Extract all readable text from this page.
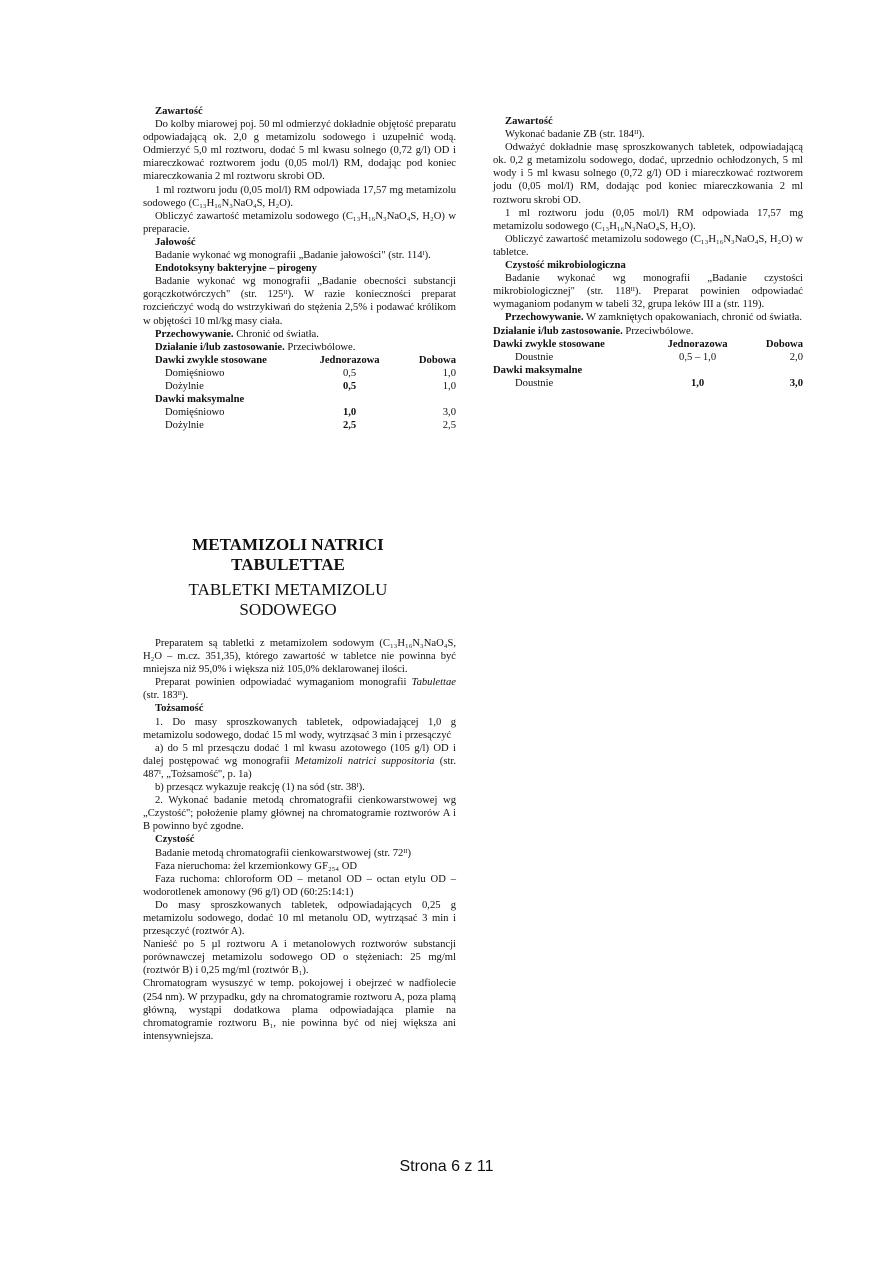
Zawartość

Do kolby miarowej poj. 50 ml odmierzyć dokładnie objętość preparatu odpowiadającą ok. 2,0 g metamizolu sodowego i uzupełnić wodą. Odmierzyć 5,0 ml roztworu, dodać 5 ml kwasu solnego (0,72 g/l) OD i miareczkować roztworem jodu (0,05 mol/l) RM, dodając pod koniec miareczkowania 2 ml roztworu skrobi OD.

1 ml roztworu jodu (0,05 mol/l) RM odpowiada 17,57 mg metamizolu sodowego (C₁₃H₁₆N₃NaO₄S, H₂O).

Obliczyć zawartość metamizolu sodowego (C₁₃H₁₆N₃NaO₄S, H₂O) w preparacie.

Jałowość

Badanie wykonać wg monografii „Badanie jałowości" (str. 114ᴵ).

Endotoksyny bakteryjne – pirogeny

Badanie wykonać wg monografii „Badanie obecności substancji gorączkotwórczych" (str. 125ᴵᴵ). W razie konieczności preparat rozcieńczyć wodą do wstrzykiwań do stężenia 2,5% i podawać królikom w objętości 10 ml/kg masy ciała.

Przechowywanie. Chronić od światła.

Działanie i/lub zastosowanie. Przeciwbólowe.

Dawki zwykle stosowane	Jednorazowa	Dobowa
Domięśniowo	0,5	1,0
Dożylnie	0,5	1,0
Dawki maksymalne		
Domięśniowo	1,0	3,0
Dożylnie	2,5	2,5
METAMIZOLI NATRICI
TABULETTAE
TABLETKI METAMIZOLU
SODOWEGO

Preparatem są tabletki z metamizolem sodowym (C₁₃H₁₆N₃NaO₄S, H₂O – m.cz. 351,35), którego zawartość w tabletce nie powinna być mniejsza niż 95,0% i większa niż 105,0% deklarowanej ilości.

Preparat powinien odpowiadać wymaganiom monografii Tabulettae (str. 183ᴵᴵ).

Tożsamość

1. Do masy sproszkowanych tabletek, odpowiadającej 1,0 g metamizolu sodowego, dodać 15 ml wody, wytrząsać 3 min i przesączyć

a) do 5 ml przesączu dodać 1 ml kwasu azotowego (105 g/l) OD i dalej postępować wg monografii Metamizoli natrici suppositoria (str. 487ᴵ, „Tożsamość", p. 1a)

b) przesącz wykazuje reakcję (1) na sód (str. 38ᴵ).

2. Wykonać badanie metodą chromatografii cienkowarstwowej wg „Czystość"; położenie plamy głównej na chromatogramie roztworów A i B powinno być zgodne.

Czystość

Badanie metodą chromatografii cienkowarstwowej (str. 72ᴵᴵ)

Faza nieruchoma: żel krzemionkowy GF₂₅₄ OD

Faza ruchoma: chloroform OD – metanol OD – octan etylu OD – wodorotlenek amonowy (96 g/l) OD (60:25:14:1)

Do masy sproszkowanych tabletek, odpowiadających 0,25 g metamizolu sodowego, dodać 10 ml metanolu OD, wytrząsać 3 min i przesączyć (roztwór A).

Nanieść po 5 µl roztworu A i metanolowych roztworów substancji porównawczej metamizolu sodowego OD o stężeniach: 25 mg/ml (roztwór B) i 0,25 mg/ml (roztwór B₁).

Chromatogram wysuszyć w temp. pokojowej i obejrzeć w nadfiolecie (254 nm). W przypadku, gdy na chromatogramie roztworu A, poza plamą główną, wystąpi dodatkowa plama odpowiadająca plamie na chromatogramie roztworu B₁, nie powinna być od niej większa ani intensywniejsza.

Zawartość

Wykonać badanie ZB (str. 184ᴵᴵ).

Odważyć dokładnie masę sproszkowanych tabletek, odpowiadającą ok. 0,2 g metamizolu sodowego, dodać, uprzednio ochłodzonych, 5 ml wody i 5 ml kwasu solnego (0,72 g/l) OD i miareczkować roztworem jodu (0,05 mol/l) RM, dodając pod koniec miareczkowania 2 ml roztworu skrobi OD.

1 ml roztworu jodu (0,05 mol/l) RM odpowiada 17,57 mg metamizolu sodowego (C₁₃H₁₆N₃NaO₄S, H₂O).

Obliczyć zawartość metamizolu sodowego (C₁₃H₁₆N₃NaO₄S, H₂O) w tabletce.

Czystość mikrobiologiczna

Badanie wykonać wg monografii „Badanie czystości mikrobiologicznej" (str. 118ᴵᴵ). Preparat powinien odpowiadać wymaganiom podanym w tabeli 32, grupa leków III a (str. 119).

Przechowywanie. W zamkniętych opakowaniach, chronić od światła.

Działanie i/lub zastosowanie. Przeciwbólowe.

Dawki zwykle stosowane	Jednorazowa	Dobowa
Doustnie	0,5 – 1,0	2,0
Dawki maksymalne		
Doustnie	1,0	3,0
Strona 6 z 11
